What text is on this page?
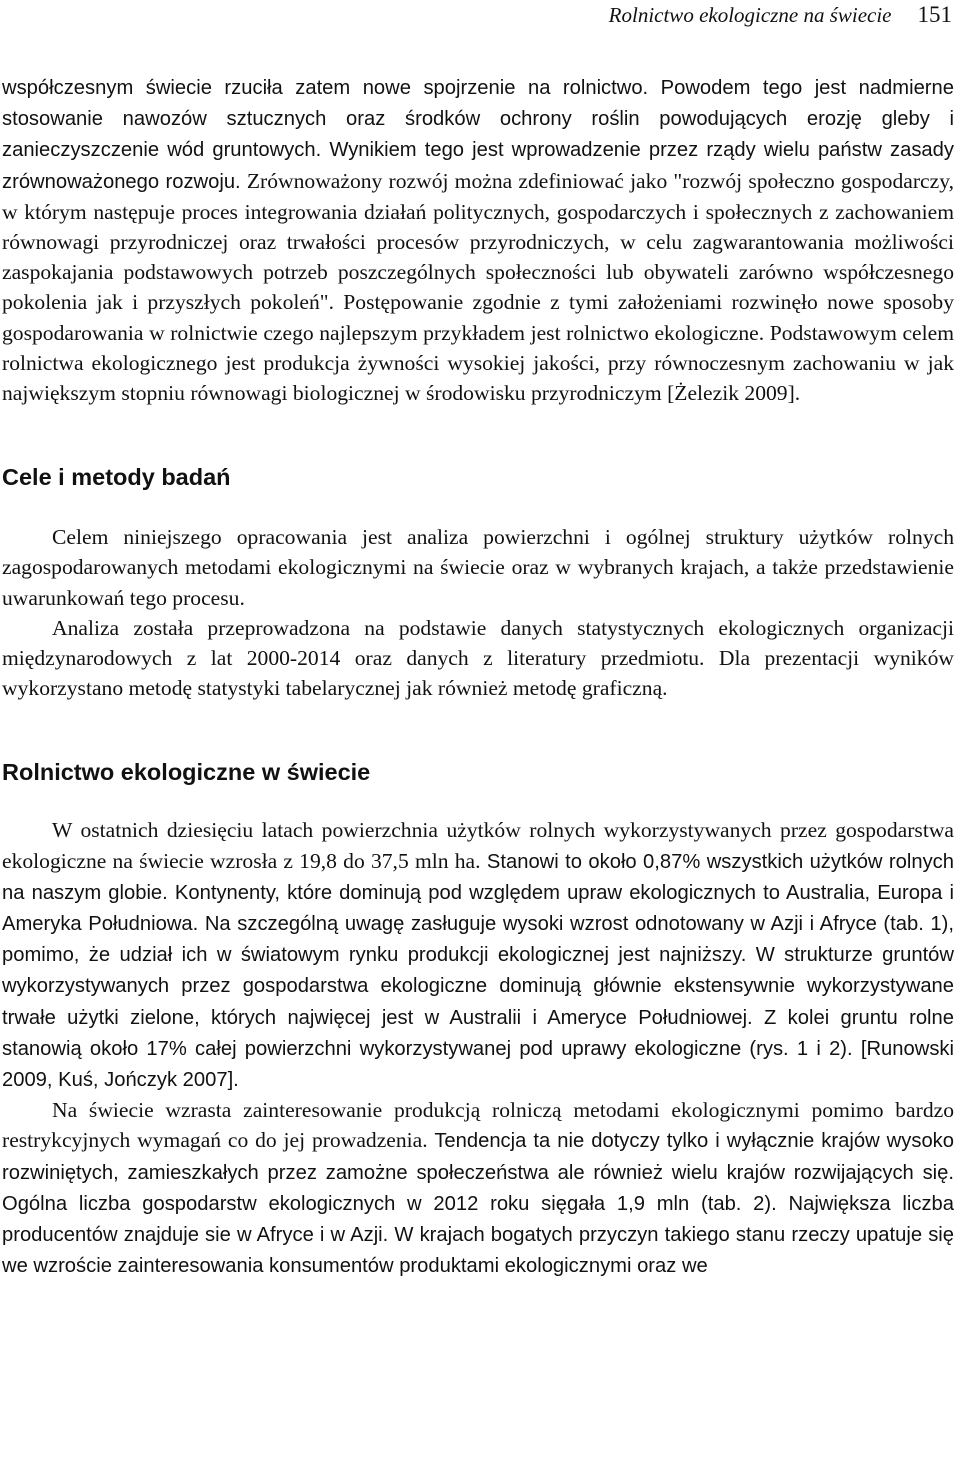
Rolnictwo ekologiczne na świecie 151

współczesnym świecie rzuciła zatem nowe spojrzenie na rolnictwo. Powodem tego jest nadmierne stosowanie nawozów sztucznych oraz środków ochrony roślin powodujących erozję gleby i zanieczyszczenie wód gruntowych. Wynikiem tego jest wprowadzenie przez rządy wielu państw zasady zrównoważonego rozwoju. Zrównoważony rozwój można zdefiniować jako "rozwój społeczno gospodarczy, w którym następuje proces integrowania działań politycznych, gospodarczych i społecznych z zachowaniem równowagi przyrodniczej oraz trwałości procesów przyrodniczych, w celu zagwarantowania możliwości zaspokajania podstawowych potrzeb poszczególnych społeczności lub obywateli zarówno współczesnego pokolenia jak i przyszłych pokoleń". Postępowanie zgodnie z tymi założeniami rozwinęło nowe sposoby gospodarowania w rolnictwie czego najlepszym przykładem jest rolnictwo ekologiczne. Podstawowym celem rolnictwa ekologicznego jest produkcja żywności wysokiej jakości, przy równoczesnym zachowaniu w jak największym stopniu równowagi biologicznej w środowisku przyrodniczym [Żelezik 2009].

Cele i metody badań

Celem niniejszego opracowania jest analiza powierzchni i ogólnej struktury użytków rolnych zagospodarowanych metodami ekologicznymi na świecie oraz w wybranych krajach, a także przedstawienie uwarunkowań tego procesu.

Analiza została przeprowadzona na podstawie danych statystycznych ekologicznych organizacji międzynarodowych z lat 2000-2014 oraz danych z literatury przedmiotu. Dla prezentacji wyników wykorzystano metodę statystyki tabelarycznej jak również metodę graficzną.

Rolnictwo ekologiczne w świecie

W ostatnich dziesięciu latach powierzchnia użytków rolnych wykorzystywanych przez gospodarstwa ekologiczne na świecie wzrosła z 19,8 do 37,5 mln ha. Stanowi to około 0,87% wszystkich użytków rolnych na naszym globie. Kontynenty, które dominują pod względem upraw ekologicznych to Australia, Europa i Ameryka Południowa. Na szczególną uwagę zasługuje wysoki wzrost odnotowany w Azji i Afryce (tab. 1), pomimo, że udział ich w światowym rynku produkcji ekologicznej jest najniższy. W strukturze gruntów wykorzystywanych przez gospodarstwa ekologiczne dominują głównie ekstensywnie wykorzystywane trwałe użytki zielone, których najwięcej jest w Australii i Ameryce Południowej. Z kolei gruntu rolne stanowią około 17% całej powierzchni wykorzystywanej pod uprawy ekologiczne (rys. 1 i 2). [Runowski 2009, Kuś, Jończyk 2007].

Na świecie wzrasta zainteresowanie produkcją rolniczą metodami ekologicznymi pomimo bardzo restrykcyjnych wymagań co do jej prowadzenia. Tendencja ta nie dotyczy tylko i wyłącznie krajów wysoko rozwiniętych, zamieszkałych przez zamożne społeczeństwa ale również wielu krajów rozwijających się. Ogólna liczba gospodarstw ekologicznych w 2012 roku sięgała 1,9 mln (tab. 2). Największa liczba producentów znajduje sie w Afryce i w Azji. W krajach bogatych przyczyn takiego stanu rzeczy upatuje się we wzroście zainteresowania konsumentów produktami ekologicznymi oraz we
